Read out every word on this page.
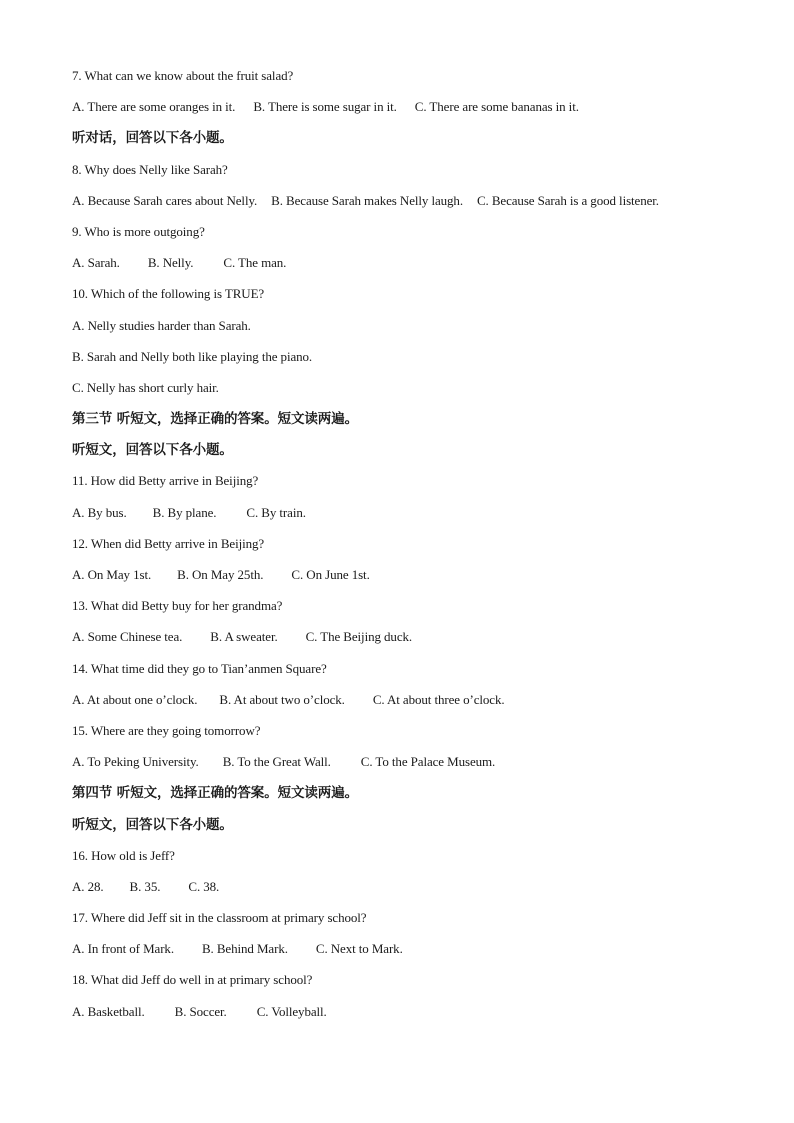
7. What can we know about the fruit salad?
A. There are some oranges in it. B. There is some sugar in it. C. There are some bananas in it.
听对话，回答以下各小题。
8. Why does Nelly like Sarah?
A. Because Sarah cares about Nelly. B. Because Sarah makes Nelly laugh. C. Because Sarah is a good listener.
9. Who is more outgoing?
A. Sarah. B. Nelly. C. The man.
10. Which of the following is TRUE?
A. Nelly studies harder than Sarah.
B. Sarah and Nelly both like playing the piano.
C. Nelly has short curly hair.
第三节 听短文，选择正确的答案。短文读两遍。
听短文，回答以下各小题。
11. How did Betty arrive in Beijing?
A. By bus. B. By plane. C. By train.
12. When did Betty arrive in Beijing?
A. On May 1st. B. On May 25th. C. On June 1st.
13. What did Betty buy for her grandma?
A. Some Chinese tea. B. A sweater. C. The Beijing duck.
14. What time did they go to Tian’anmen Square?
A. At about one o’clock. B. At about two o’clock. C. At about three o’clock.
15. Where are they going tomorrow?
A. To Peking University. B. To the Great Wall. C. To the Palace Museum.
第四节 听短文，选择正确的答案。短文读两遍。
听短文，回答以下各小题。
16. How old is Jeff?
A. 28. B. 35. C. 38.
17. Where did Jeff sit in the classroom at primary school?
A. In front of Mark. B. Behind Mark. C. Next to Mark.
18. What did Jeff do well in at primary school?
A. Basketball. B. Soccer. C. Volleyball.
